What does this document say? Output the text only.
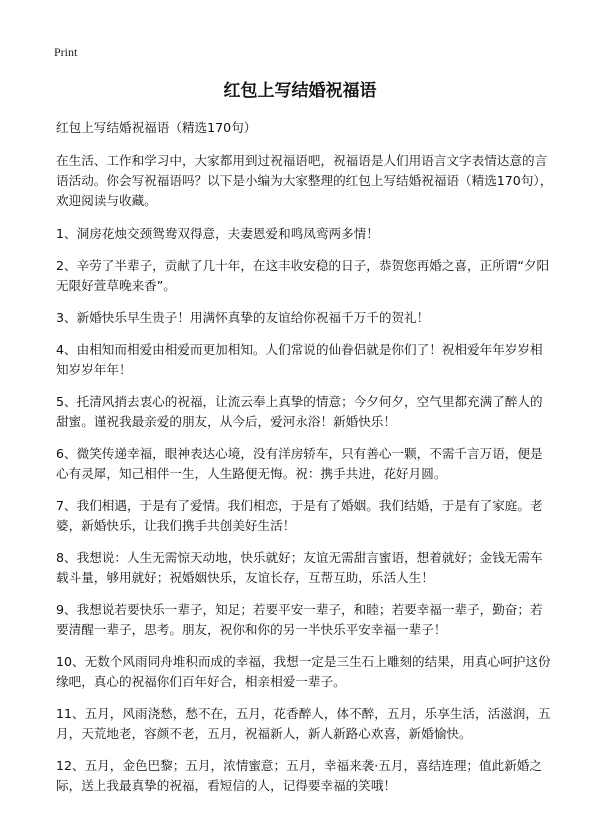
Print
红包上写结婚祝福语

红包上写结婚祝福语（精选170句）

在生活、工作和学习中，大家都用到过祝福语吧，祝福语是人们用语言文字表情达意的言语活动。你会写祝福语吗？以下是小编为大家整理的红包上写结婚祝福语（精选170句），欢迎阅读与收藏。

1、洞房花烛交颈鸳鸯双得意，夫妻恩爱和鸣凤鸾两多情！

2、辛劳了半辈子，贡献了几十年，在这丰收安稳的日子，恭贺您再婚之喜，正所谓“夕阳无限好萱草晚来香”。

3、新婚快乐早生贵子！用满怀真挚的友谊给你祝福千万千的贺礼！

4、由相知而相爱由相爱而更加相知。人们常说的仙眷侣就是你们了！祝相爱年年岁岁相知岁岁年年！

5、托清风捎去衷心的祝福，让流云奉上真挚的情意；今夕何夕，空气里都充满了醉人的甜蜜。谨祝我最亲爱的朋友，从今后，爱河永浴！新婚快乐！

6、微笑传递幸福，眼神表达心境，没有洋房轿车，只有善心一颗，不需千言万语，便是心有灵犀，知己相伴一生，人生路便无悔。祝：携手共进，花好月圆。

7、我们相遇，于是有了爱情。我们相恋，于是有了婚姻。我们结婚，于是有了家庭。老婆，新婚快乐，让我们携手共创美好生活！

8、我想说：人生无需惊天动地，快乐就好；友谊无需甜言蜜语，想着就好；金钱无需车载斗量，够用就好；祝婚姻快乐，友谊长存，互帮互助，乐活人生！

9、我想说若要快乐一辈子，知足；若要平安一辈子，和睦；若要幸福一辈子，勤奋；若要清醒一辈子，思考。朋友，祝你和你的另一半快乐平安幸福一辈子！

10、无数个风雨同舟堆积而成的幸福，我想一定是三生石上雕刻的结果，用真心呵护这份缘吧，真心的祝福你们百年好合，相亲相爱一辈子。

11、五月，风雨浇愁，愁不在，五月，花香醉人，体不醉，五月，乐享生活，活滋润，五月，天荒地老，容颜不老，五月，祝福新人，新人新路心欢喜，新婚愉快。

12、五月，金色巴黎；五月，浓情蜜意；五月，幸福来袭·五月，喜结连理；值此新婚之际，送上我最真挚的祝福，看短信的人，记得要幸福的笑哦！
